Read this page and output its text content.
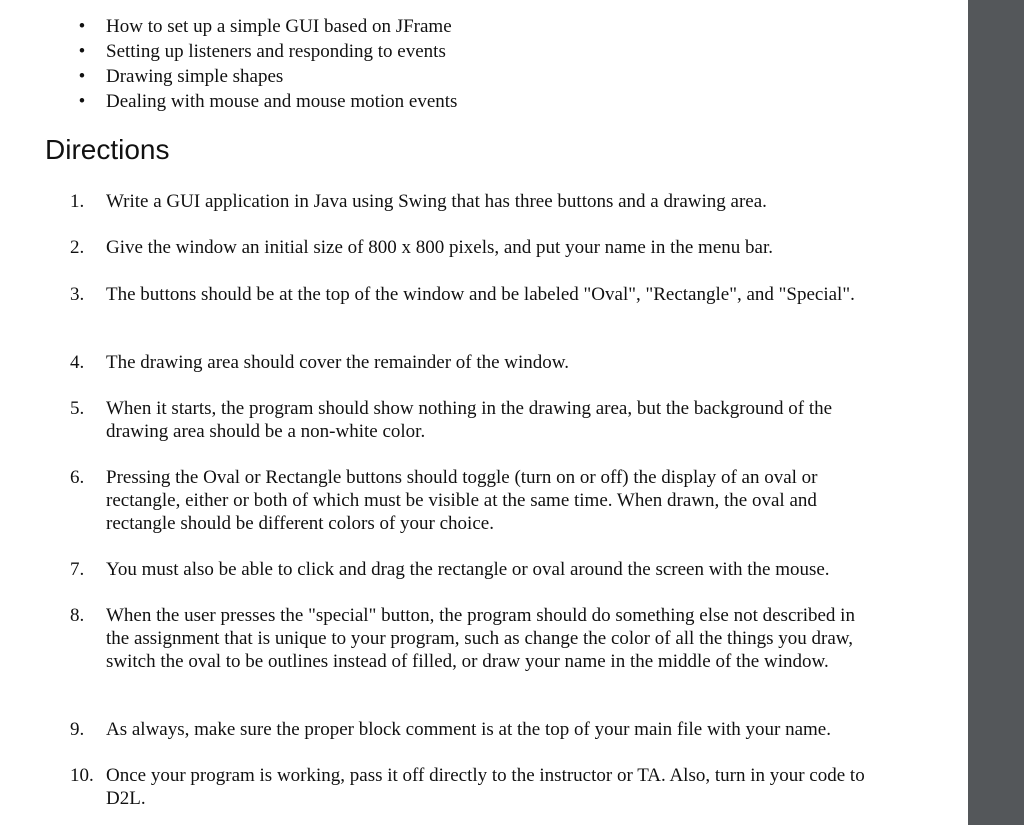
• How to set up a simple GUI based on JFrame
• Setting up listeners and responding to events
• Drawing simple shapes
• Dealing with mouse and mouse motion events
Directions
1.	Write a GUI application in Java using Swing that has three buttons and a drawing area.
2.	Give the window an initial size of 800 x 800 pixels, and put your name in the menu bar.
3.	The buttons should be at the top of the window and be labeled "Oval", "Rectangle", and "Special".
4.	The drawing area should cover the remainder of the window.
5.	When it starts, the program should show nothing in the drawing area, but the background of the drawing area should be a non-white color.
6.	Pressing the Oval or Rectangle buttons should toggle (turn on or off) the display of an oval or rectangle, either or both of which must be visible at the same time. When drawn, the oval and rectangle should be different colors of your choice.
7.	You must also be able to click and drag the rectangle or oval around the screen with the mouse.
8.	When the user presses the "special" button, the program should do something else not described in the assignment that is unique to your program, such as change the color of all the things you draw, switch the oval to be outlines instead of filled, or draw your name in the middle of the window.
9.	As always, make sure the proper block comment is at the top of your main file with your name.
10. Once your program is working, pass it off directly to the instructor or TA. Also, turn in your code to D2L.
